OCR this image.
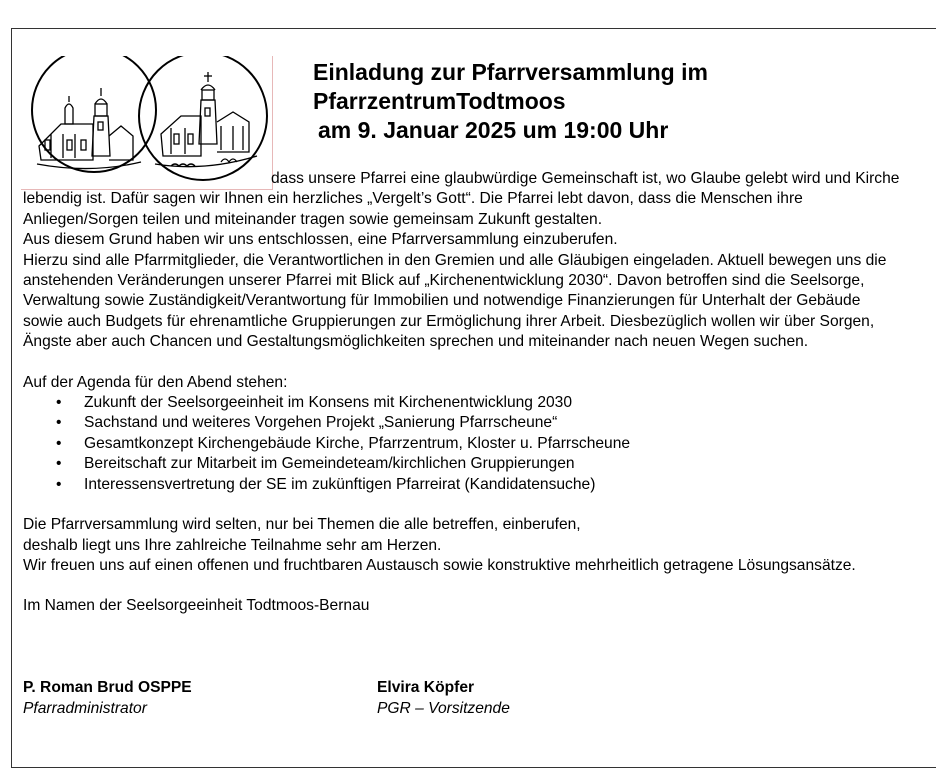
Einladung zur Pfarrversammlung im
PfarrzentrumTodtmoos
am 9. Januar 2025 um 19:00 Uhr

dass unsere Pfarrei eine glaubwürdige Gemeinschaft ist, wo Glaube gelebt wird und Kirche lebendig ist. Dafür sagen wir Ihnen ein herzliches „Vergelt’s Gott“. Die Pfarrei lebt davon, dass die Menschen ihre Anliegen/Sorgen teilen und miteinander tragen sowie gemeinsam Zukunft gestalten.

Aus diesem Grund haben wir uns entschlossen, eine Pfarrversammlung einzuberufen.

Hierzu sind alle Pfarrmitglieder, die Verantwortlichen in den Gremien und alle Gläubigen eingeladen. Aktuell bewegen uns die anstehenden Veränderungen unserer Pfarrei mit Blick auf „Kirchenentwicklung 2030“. Davon betroffen sind die Seelsorge, Verwaltung sowie Zuständigkeit/Verantwortung für Immobilien und notwendige Finanzierungen für Unterhalt der Gebäude sowie auch Budgets für ehrenamtliche Gruppierungen zur Ermöglichung ihrer Arbeit. Diesbezüglich wollen wir über Sorgen, Ängste aber auch Chancen und Gestaltungsmöglichkeiten sprechen und miteinander nach neuen Wegen suchen.

Auf der Agenda für den Abend stehen:

• Zukunft der Seelsorgeeinheit im Konsens mit Kirchenentwicklung 2030
• Sachstand und weiteres Vorgehen Projekt „Sanierung Pfarrscheune“
• Gesamtkonzept Kirchengebäude Kirche, Pfarrzentrum, Kloster u. Pfarrscheune
• Bereitschaft zur Mitarbeit im Gemeindeteam/kirchlichen Gruppierungen
• Interessensvertretung der SE im zukünftigen Pfarreirat (Kandidatensuche)

Die Pfarrversammlung wird selten, nur bei Themen die alle betreffen, einberufen,

deshalb liegt uns Ihre zahlreiche Teilnahme sehr am Herzen.

Wir freuen uns auf einen offenen und fruchtbaren Austausch sowie konstruktive mehrheitlich getragene Lösungsansätze.

Im Namen der Seelsorgeeinheit Todtmoos-Bernau

P. Roman Brud OSPPE
Pfarradministrator
Elvira Köpfer
PGR – Vorsitzende
